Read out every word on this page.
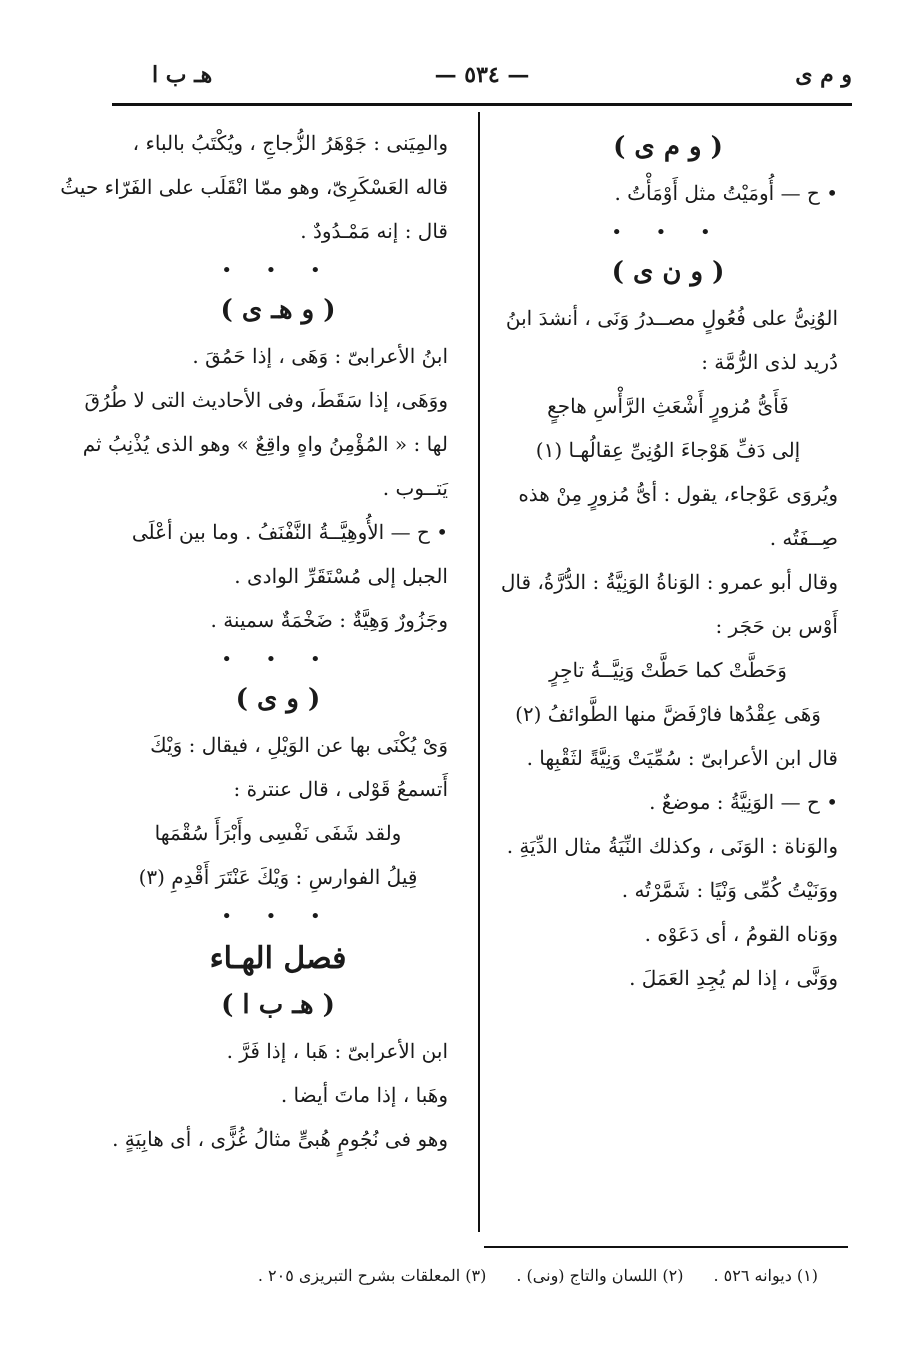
و م ى
— ٥٣٤ —
هـ ب ا
( و م ى )
• ح — أُومَيْتُ مثل أَوْمَأْتُ .
• • •
( و ن ى )
الوُنِىُّ على فُعُولٍ مصــدرُ وَنَى ، أنشدَ ابنُ
دُريد لذى الرُّمَّة :
فَأَىُّ مُزورٍ أَشْعَثِ الرَّأْسِ هاجعٍ
إلى دَفِّ هَوْجاءَ الوُنِىِّ عِقالُهـا (١)
ويُروَى عَوْجاء، يقول : أىُّ مُزورٍ مِنْ هذه
صِــفَتُه .
وقال أبو عمرو : الوَناةُ الوَنِيَّةُ : الدُّرَّةُ، قال
أَوْس بن حَجَر :
وَحَطَّتْ كما حَطَّتْ وَنِيَّــةُ تاجِرٍ
وَهَى عِقْدُها فارْفَضَّ منها الطَّوائفُ (٢)
قال ابن الأعرابىّ : سُمِّيَتْ وَنِيَّةً لثَقْبِها .
• ح — الوَنِيَّةُ : موضعٌ .
والوَناة : الوَنَى ، وكذلك النِّيَةُ مثال الدِّيَةِ .
ووَنَيْتُ كُمِّى وَنْيًا : شَمَّرْتُه .
ووَناه القومُ ، أى دَعَوْه .
ووَنَّى ، إذا لم يُجِدِ العَمَلَ .
والمِيَنى : جَوْهَرُ الزُّجاجِ ، ويُكْتَبُ بالباء ،
قاله العَسْكَرِىّ، وهو ممّا انْقَلَب على الفَرّاء حيثُ
قال : إنه مَمْـدُودٌ .
• • •
( و هـ ى )
ابنُ الأعرابىّ : وَهَى ، إذا حَمُقَ .
ووَهَى، إذا سَقَطَ، وفى الأحاديث التى لا طُرُقَ
لها : « المُؤْمِنُ واهٍ واقِعٌ » وهو الذى يُذْنِبُ ثم
يَتــوب .
• ح — الأُوهِيَّــةُ النَّفْنَفُ . وما بين أعْلَى
الجبل إلى مُسْتَقَرِّ الوادى .
وجَزُورٌ وَهِيَّةٌ : ضَخْمَةٌ سمينة .
• • •
( و ى )
وَىْ يُكْنَى بها عن الوَيْلِ ، فيقال : وَيْكَ
أَتسمعُ قَوْلى ، قال عنترة :
ولقد شَفَى نَفْسِى وأَبْرَأَ سُقْمَها
قِيلُ الفوارسِ : وَيْكَ عَنْتَرَ أَقْدِمِ (٣)
• • •
فصل الهـاء
( هـ ب ا )
ابن الأعرابىّ : هَبا ، إذا فَرَّ .
وهَبا ، إذا ماتَ أيضا .
وهو فى نُجُومٍ هُبىٍّ مثالُ غُزًّى ، أى هابِيَةٍ .
(١) ديوانه ٥٢٦ .(٢) اللسان والتاج (ونى) .(٣) المعلقات بشرح التبريزى ٢٠٥ .
